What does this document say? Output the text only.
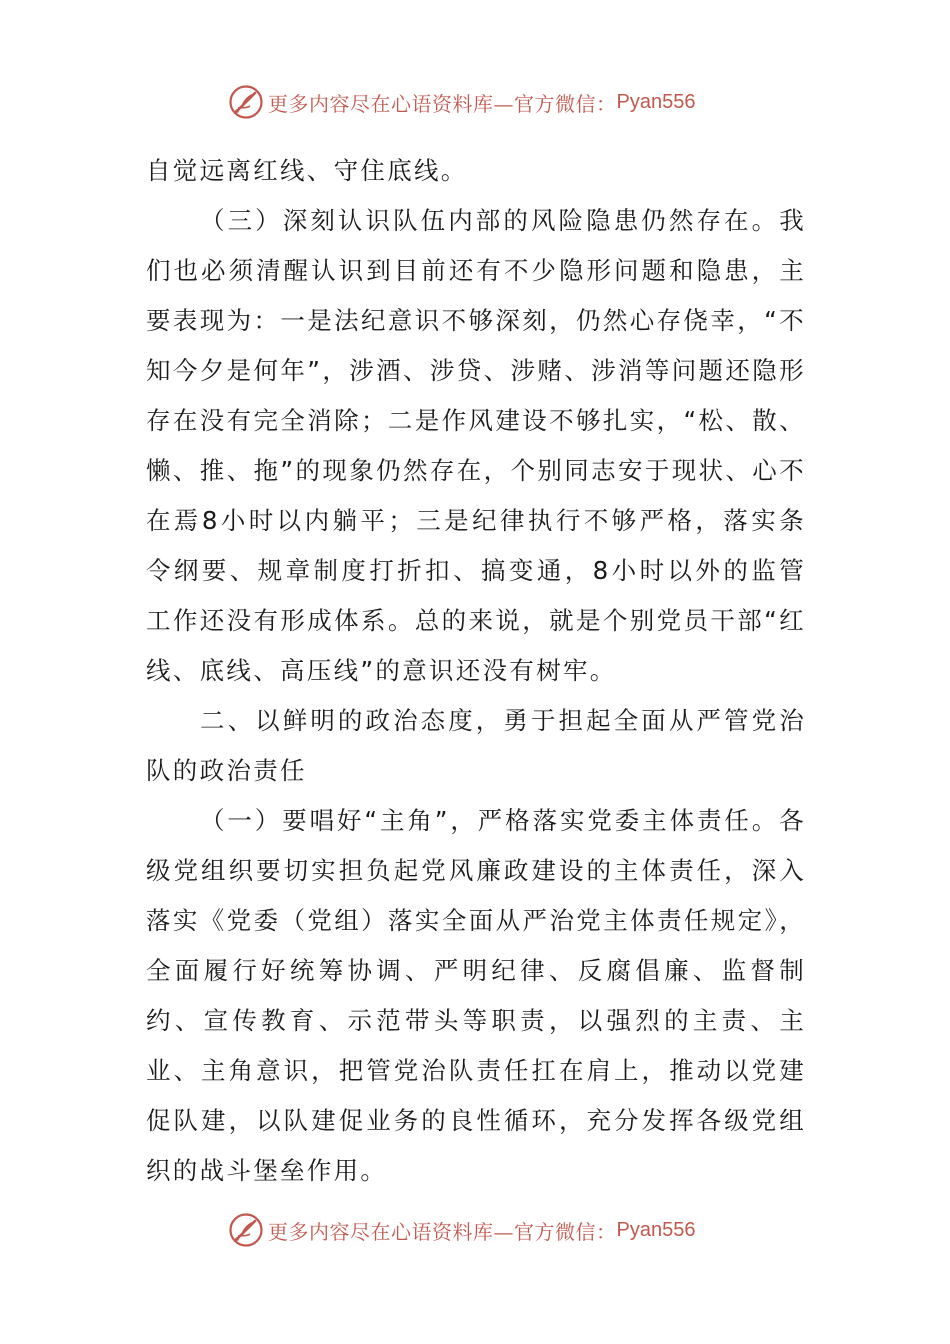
更多内容尽在心语资料库—官方微信： Pyan556

自觉远离红线、守住底线。

（三）深刻认识队伍内部的风险隐患仍然存在。我们也必须清醒认识到目前还有不少隐形问题和隐患，主要表现为：一是法纪意识不够深刻，仍然心存侥幸，“不知今夕是何年”，涉酒、涉贷、涉赌、涉消等问题还隐形存在没有完全消除；二是作风建设不够扎实，“松、散、懒、推、拖”的现象仍然存在，个别同志安于现状、心不在焉8小时以内躺平；三是纪律执行不够严格，落实条令纲要、规章制度打折扣、搞变通，8小时以外的监管工作还没有形成体系。总的来说，就是个别党员干部“红线、底线、高压线”的意识还没有树牢。

二、以鲜明的政治态度，勇于担起全面从严管党治队的政治责任

（一）要唱好“主角”，严格落实党委主体责任。各级党组织要切实担负起党风廉政建设的主体责任，深入落实《党委（党组）落实全面从严治党主体责任规定》，全面履行好统筹协调、严明纪律、反腐倡廉、监督制约、宣传教育、示范带头等职责，以强烈的主责、主业、主角意识，把管党治队责任扛在肩上，推动以党建促队建，以队建促业务的良性循环，充分发挥各级党组织的战斗堡垒作用。

更多内容尽在心语资料库—官方微信： Pyan556
